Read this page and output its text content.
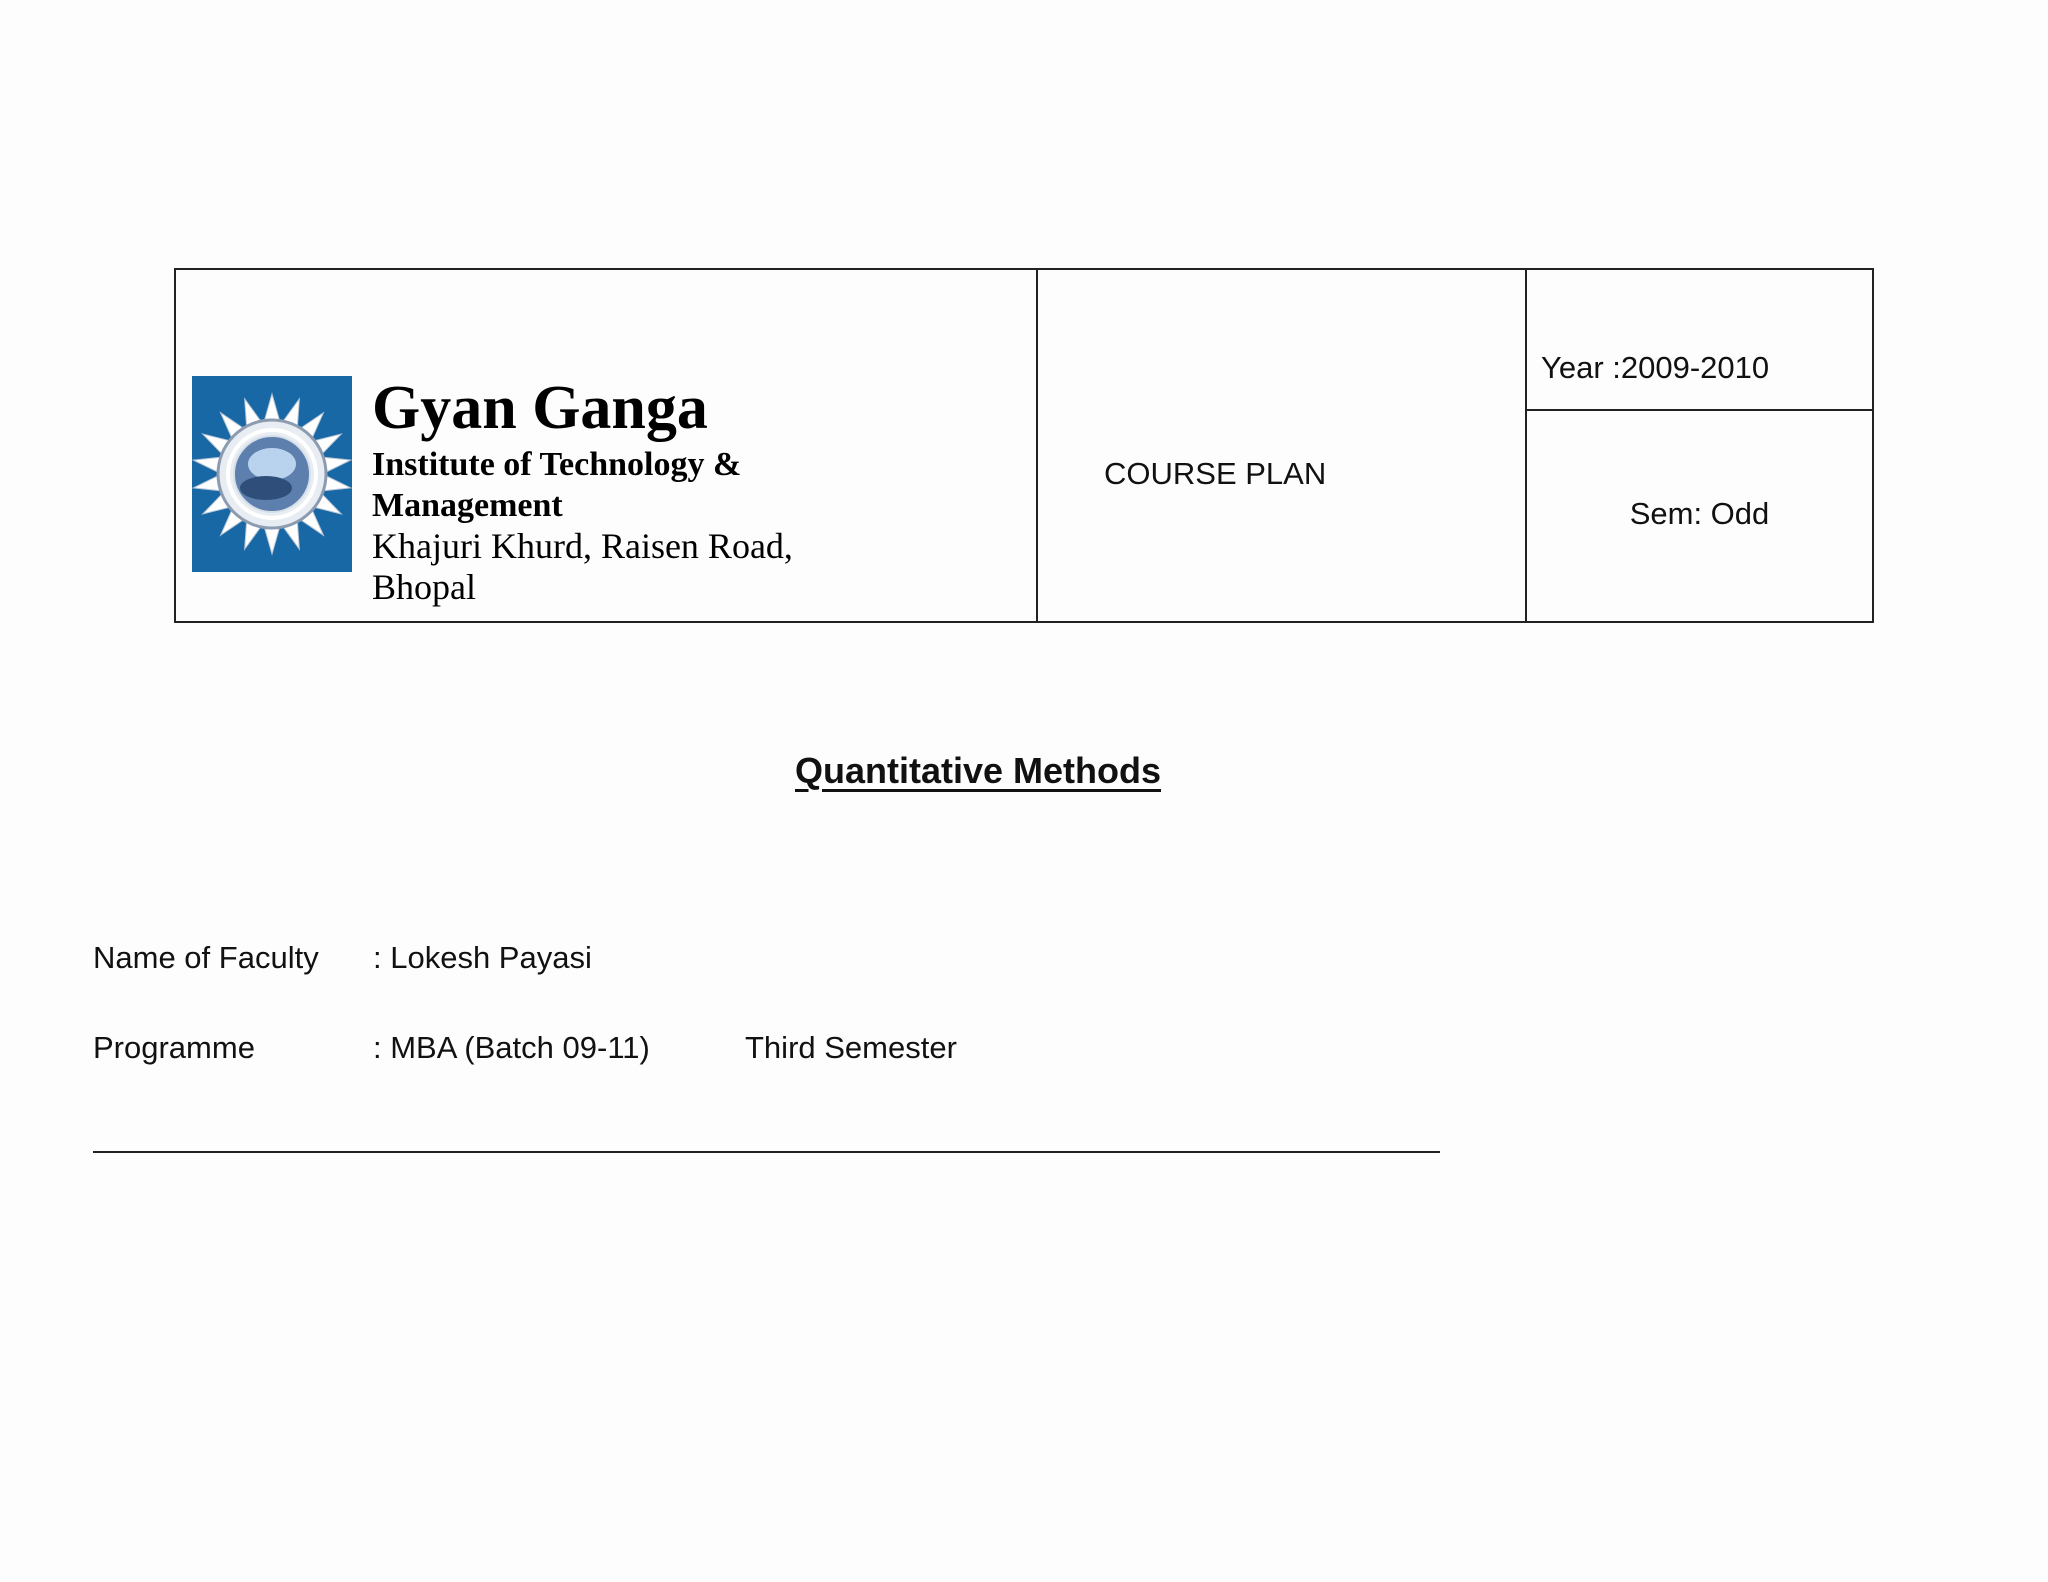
Gyan Ganga
Institute of Technology & Management
Khajuri Khurd, Raisen Road, Bhopal
COURSE PLAN
Year :2009-2010
Sem: Odd
Quantitative Methods
Name of Faculty : Lokesh Payasi
Programme	: MBA (Batch 09-11)	Third Semester
